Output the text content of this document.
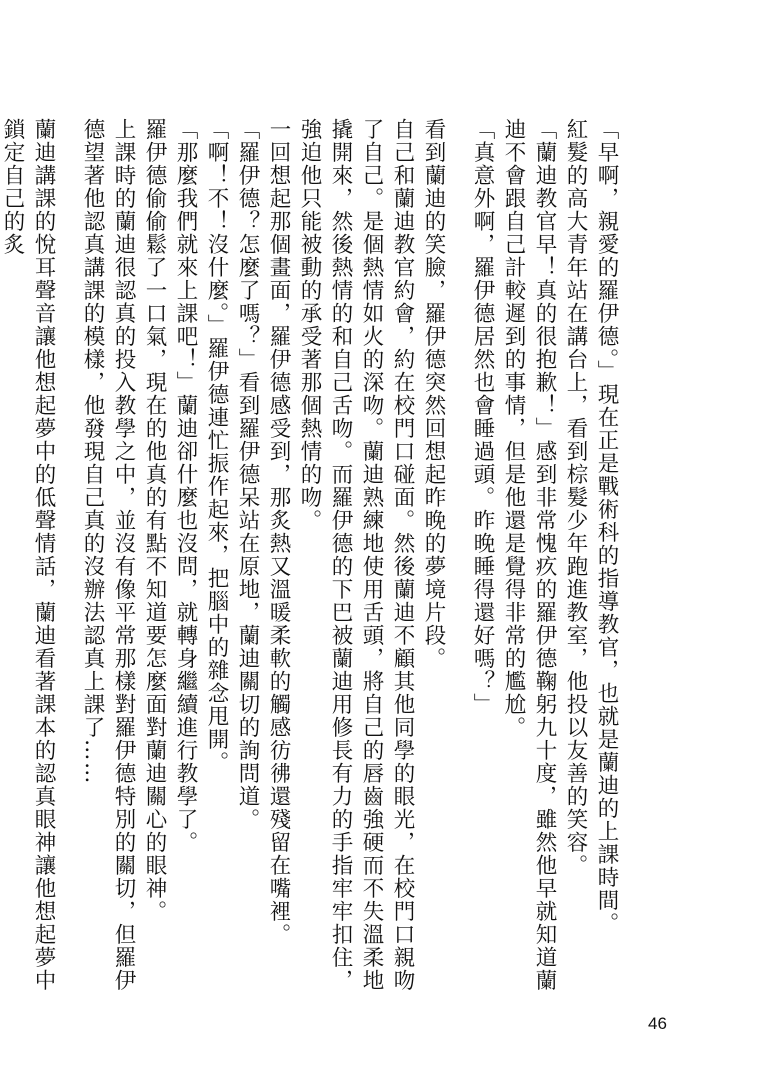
「早啊，親愛的羅伊德。」現在正是戰術科的指導教官，也就是蘭迪的上課時間。

紅髮的高大青年站在講台上，看到棕髮少年跑進教室，他投以友善的笑容。

「蘭迪教官早！真的很抱歉！」感到非常愧疚的羅伊德鞠躬九十度，雖然他早就知道蘭迪不會跟自己計較遲到的事情，但是他還是覺得非常的尷尬。

「真意外啊，羅伊德居然也會睡過頭。昨晚睡得還好嗎？」

看到蘭迪的笑臉，羅伊德突然回想起昨晚的夢境片段。

自己和蘭迪教官約會，約在校門口碰面。然後蘭迪不顧其他同學的眼光，在校門口親吻了自己。是個熱情如火的深吻。蘭迪熟練地使用舌頭，將自己的唇齒強硬而不失溫柔地撬開來，然後熱情的和自己舌吻。而羅伊德的下巴被蘭迪用修長有力的手指牢牢扣住，強迫他只能被動的承受著那個熱情的吻。

一回想起那個畫面，羅伊德感受到，那炙熱又溫暖柔軟的觸感彷彿還殘留在嘴裡。

「羅伊德？怎麼了嗎？」看到羅伊德呆站在原地，蘭迪關切的詢問道。

「啊！不！沒什麼。」羅伊德連忙振作起來，把腦中的雜念甩開。

「那麼我們就來上課吧！」蘭迪卻什麼也沒問，就轉身繼續進行教學了。

羅伊德偷偷鬆了一口氣，現在的他真的有點不知道要怎麼面對蘭迪關心的眼神。

上課時的蘭迪很認真的投入教學之中，並沒有像平常那樣對羅伊德特別的關切，但羅伊德望著他認真講課的模樣，他發現自己真的沒辦法認真上課了……

蘭迪講課的悅耳聲音讓他想起夢中的低聲情話，蘭迪看著課本的認真眼神讓他想起夢中鎖定自己的炙

46
